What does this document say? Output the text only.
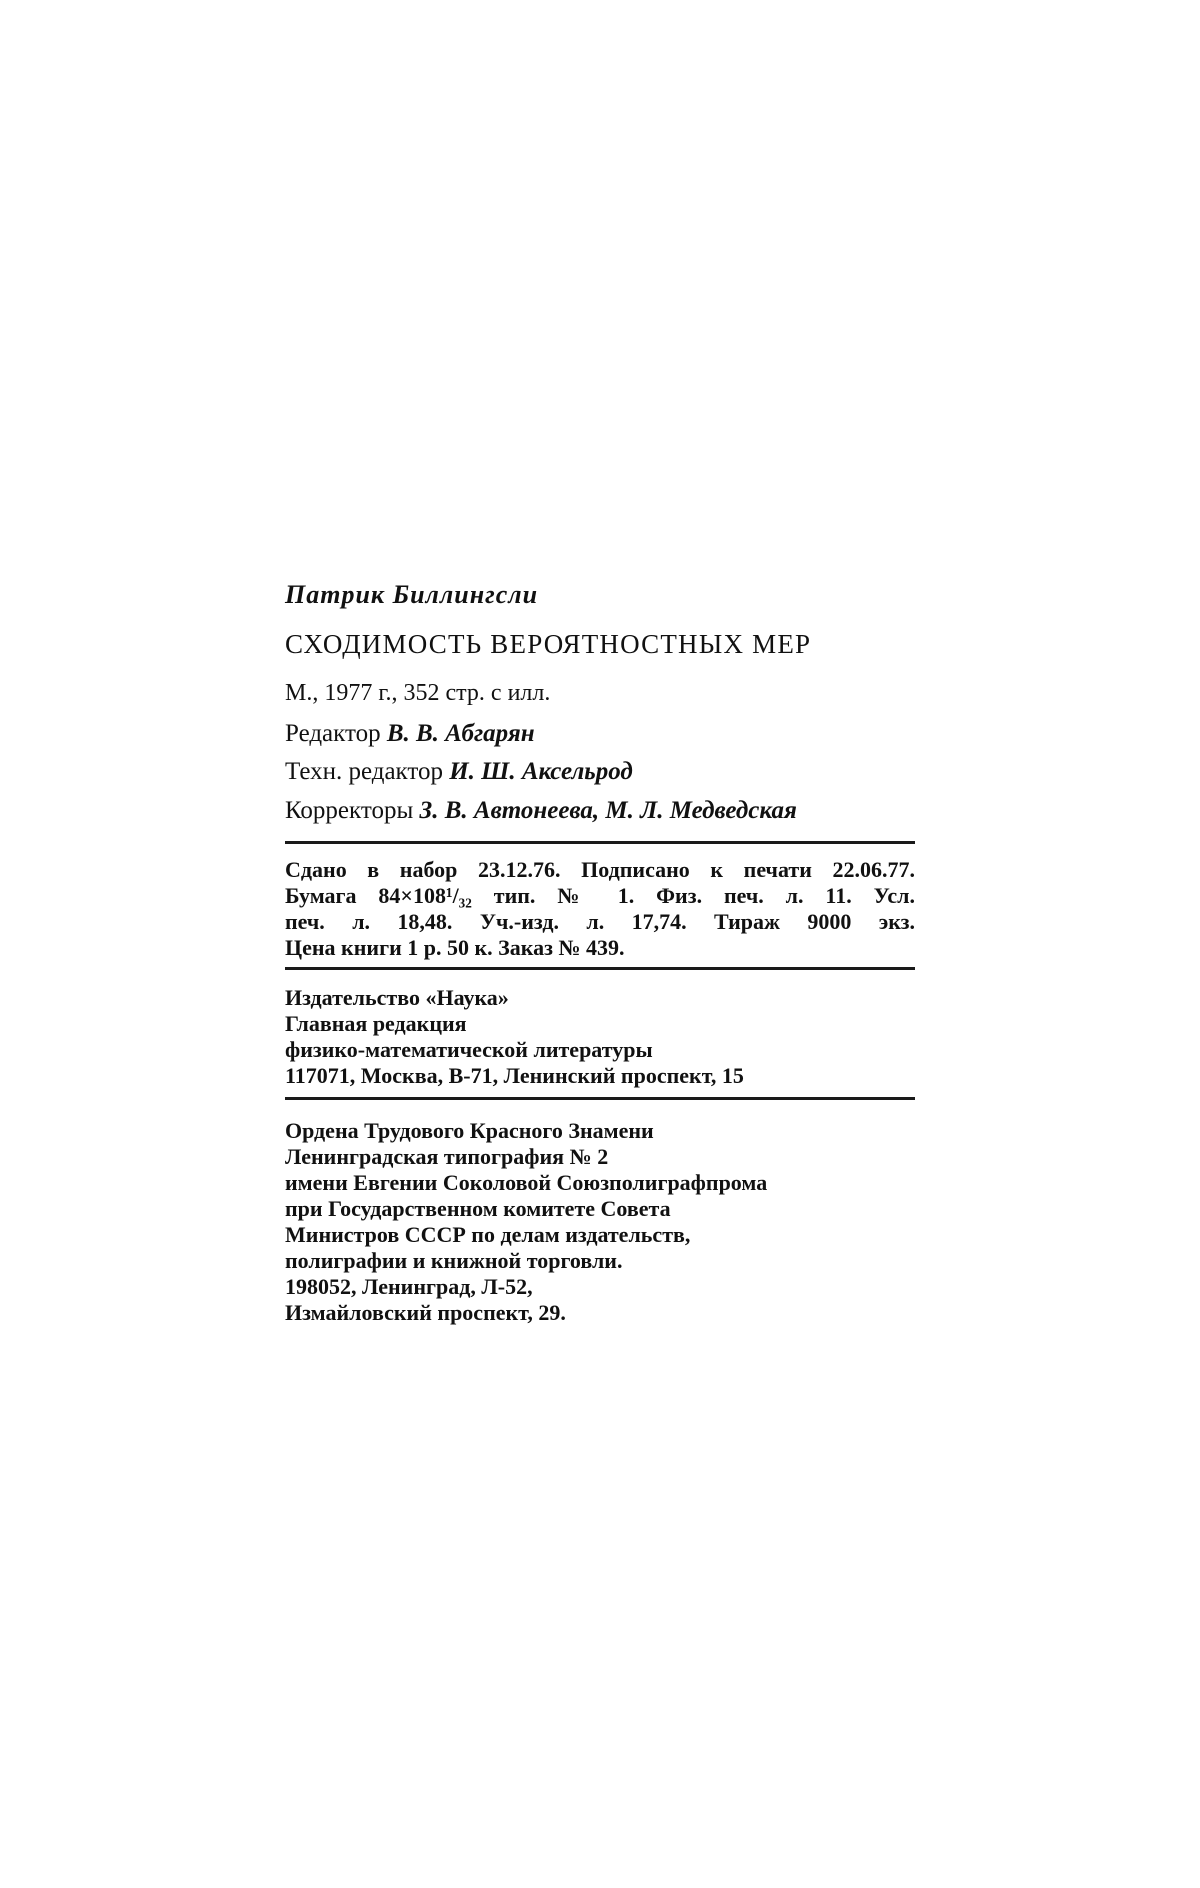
Патрик Биллингсли
СХОДИМОСТЬ ВЕРОЯТНОСТНЫХ МЕР
М., 1977 г., 352 стр. с илл.
Редактор В. В. Абгарян
Техн. редактор И. Ш. Аксельрод
Корректоры З. В. Автонеева, М. Л. Медведская
Сдано в набор 23.12.76. Подписано к печати 22.06.77.
Бумага 84×108¹/₃₂ тип. № 1. Физ. печ. л. 11. Усл.
печ. л. 18,48. Уч.-изд. л. 17,74. Тираж 9000 экз.
Цена книги 1 р. 50 к. Заказ № 439.
Издательство «Наука»
Главная редакция
физико-математической литературы
117071, Москва, В-71, Ленинский проспект, 15
Ордена Трудового Красного Знамени
Ленинградская типография № 2
имени Евгении Соколовой Союзполиграфпрома
при Государственном комитете Совета
Министров СССР по делам издательств,
полиграфии и книжной торговли.
198052, Ленинград, Л-52,
Измайловский проспект, 29.
